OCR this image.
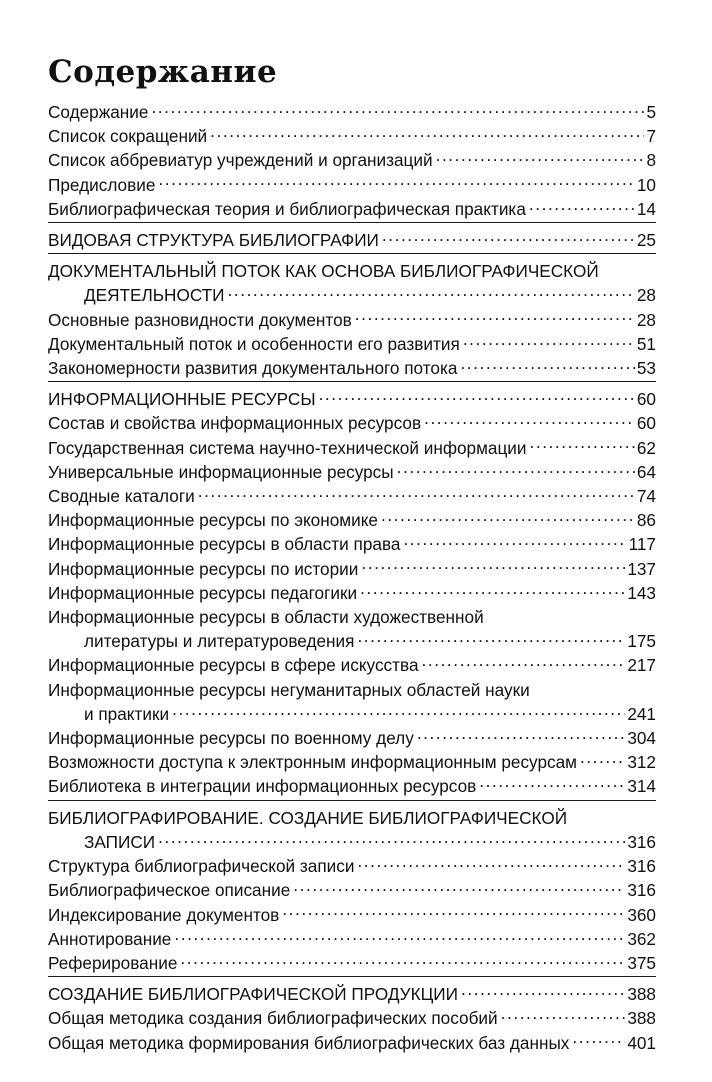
Содержание
Содержание . . .	5
Список сокращений . . .	7
Список аббревиатур учреждений и организаций . . .	8
Предисловие . . .	10
Библиографическая теория и библиографическая практика . . .	14
ВИДОВАЯ СТРУКТУРА БИБЛИОГРАФИИ . . .	25
ДОКУМЕНТАЛЬНЫЙ ПОТОК КАК ОСНОВА БИБЛИОГРАФИЧЕСКОЙ
ДЕЯТЕЛЬНОСТИ . . .	28
Основные разновидности документов . . .	28
Документальный поток и особенности его развития . . .	51
Закономерности развития документального потока . . .	53
ИНФОРМАЦИОННЫЕ РЕСУРСЫ . . .	60
Состав и свойства информационных ресурсов . . .	60
Государственная система научно-технической информации . . .	62
Универсальные информационные ресурсы . . .	64
Сводные каталоги . . .	74
Информационные ресурсы по экономике . . .	86
Информационные ресурсы в области права . . .	117
Информационные ресурсы по истории . . .	137
Информационные ресурсы педагогики . . .	143
Информационные ресурсы в области художественной
литературы и литературоведения . . .	175
Информационные ресурсы в сфере искусства . . .	217
Информационные ресурсы негуманитарных областей науки
и практики . . .	241
Информационные ресурсы по военному делу . . .	304
Возможности доступа к электронным информационным ресурсам . . .	312
Библиотека в интеграции информационных ресурсов . . .	314
БИБЛИОГРАФИРОВАНИЕ. СОЗДАНИЕ БИБЛИОГРАФИЧЕСКОЙ
ЗАПИСИ . . .	316
Структура библиографической записи . . .	316
Библиографическое описание . . .	316
Индексирование документов . . .	360
Аннотирование . . .	362
Реферирование . . .	375
СОЗДАНИЕ БИБЛИОГРАФИЧЕСКОЙ ПРОДУКЦИИ . . .	388
Общая методика создания библиографических пособий . . .	388
Общая методика формирования библиографических баз данных . . .	401
